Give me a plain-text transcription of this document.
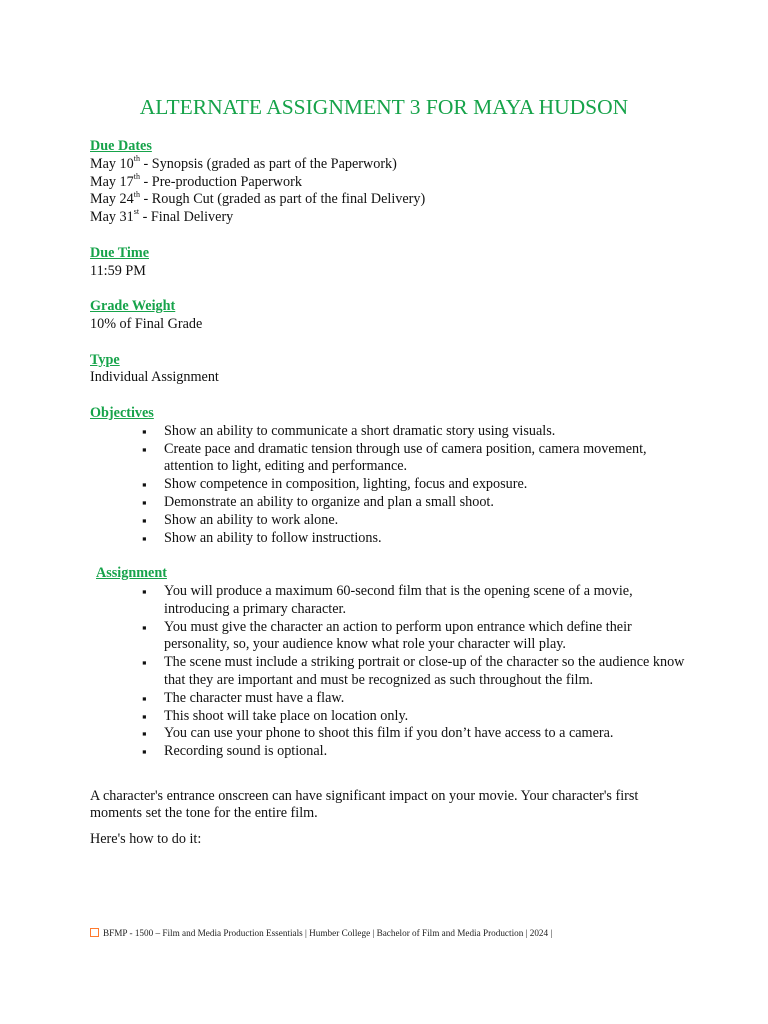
ALTERNATE ASSIGNMENT 3 FOR MAYA HUDSON
Due Dates
May 10th - Synopsis (graded as part of the Paperwork)
May 17th - Pre-production Paperwork
May 24th - Rough Cut (graded as part of the final Delivery)
May 31st - Final Delivery
Due Time
11:59 PM
Grade Weight
10% of Final Grade
Type
Individual Assignment
Objectives
▪ Show an ability to communicate a short dramatic story using visuals.
▪ Create pace and dramatic tension through use of camera position, camera movement, attention to light, editing and performance.
▪ Show competence in composition, lighting, focus and exposure.
▪ Demonstrate an ability to organize and plan a small shoot.
▪ Show an ability to work alone.
▪ Show an ability to follow instructions.
Assignment
▪ You will produce a maximum 60-second film that is the opening scene of a movie, introducing a primary character.
▪ You must give the character an action to perform upon entrance which define their personality, so, your audience know what role your character will play.
▪ The scene must include a striking portrait or close-up of the character so the audience know that they are important and must be recognized as such throughout the film.
▪ The character must have a flaw.
▪ This shoot will take place on location only.
▪ You can use your phone to shoot this film if you don’t have access to a camera.
▪ Recording sound is optional.

A character's entrance onscreen can have significant impact on your movie. Your character's first moments set the tone for the entire film.

Here's how to do it:

BFMP - 1500 – Film and Media Production Essentials | Humber College | Bachelor of Film and Media Production | 2024 |
